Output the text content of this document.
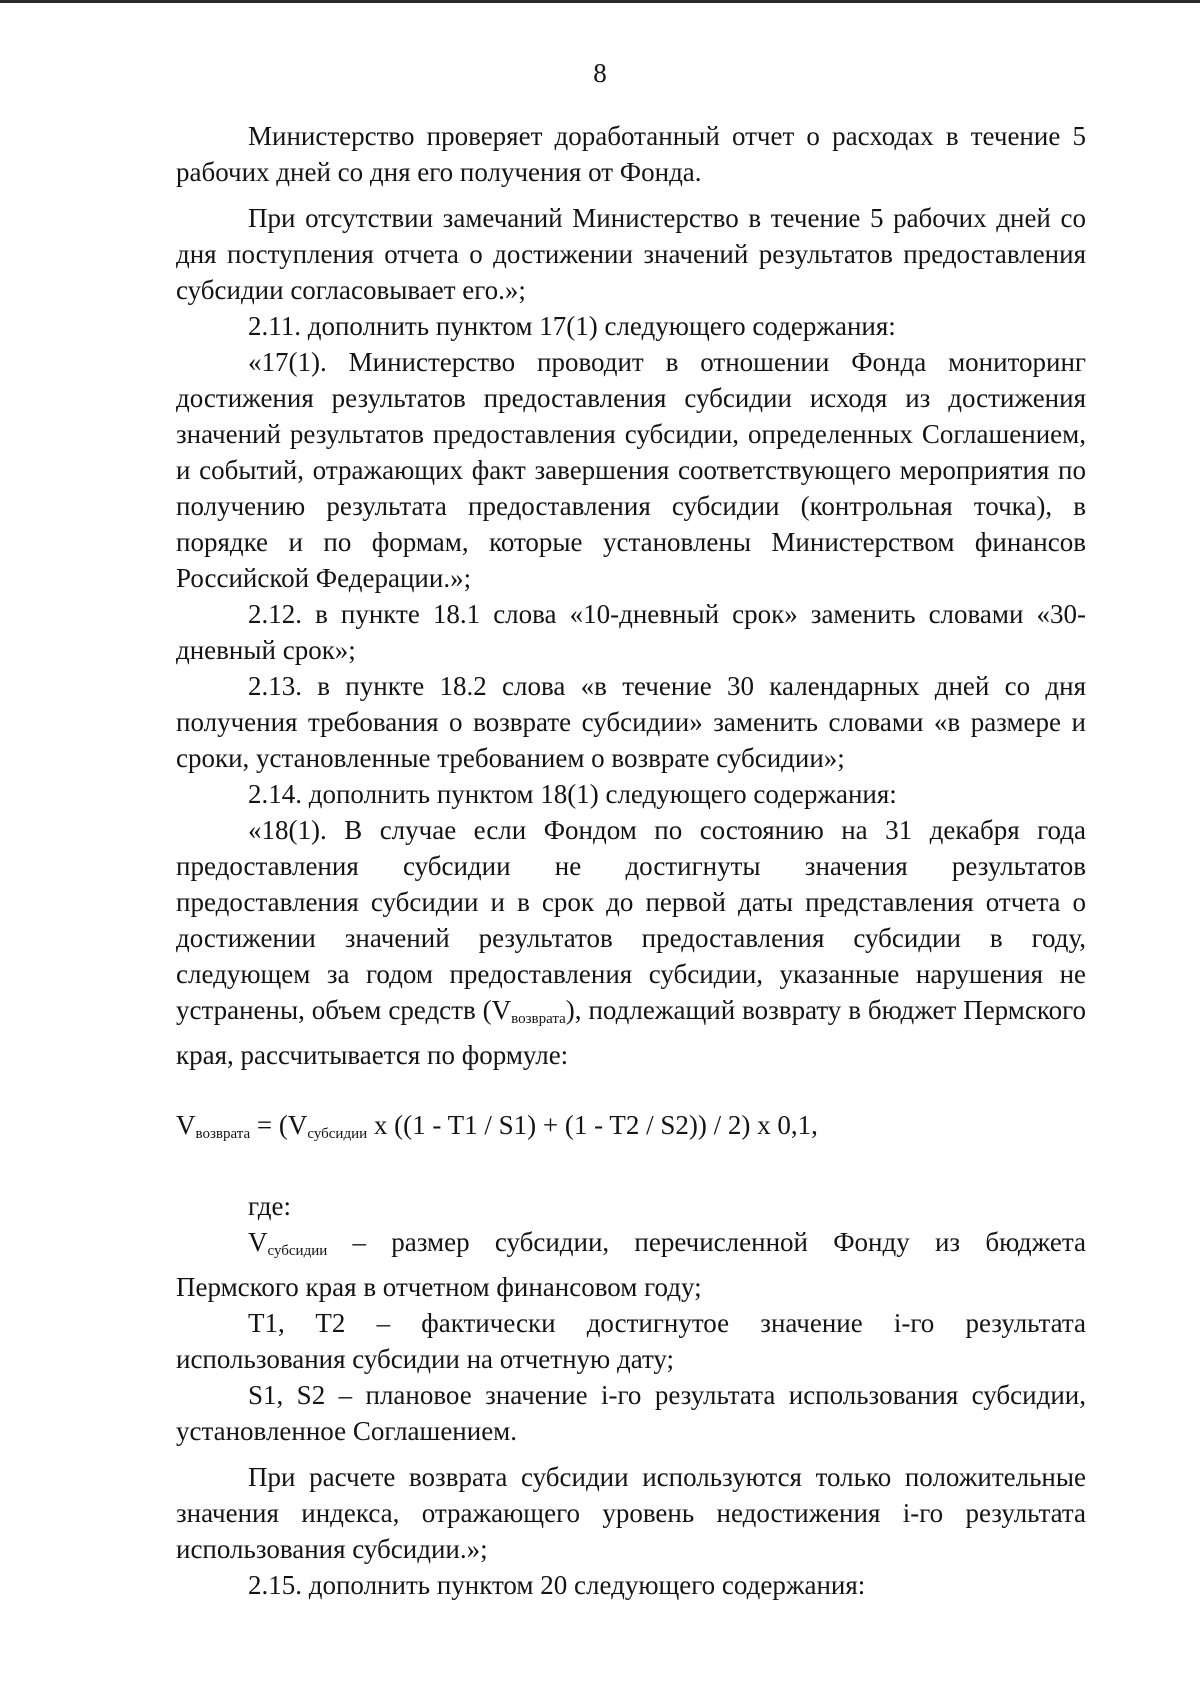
8

Министерство проверяет доработанный отчет о расходах в течение 5 рабочих дней со дня его получения от Фонда.

При отсутствии замечаний Министерство в течение 5 рабочих дней со дня поступления отчета о достижении значений результатов предоставления субсидии согласовывает его.»;

2.11. дополнить пунктом 17(1) следующего содержания:

«17(1). Министерство проводит в отношении Фонда мониторинг достижения результатов предоставления субсидии исходя из достижения значений результатов предоставления субсидии, определенных Соглашением, и событий, отражающих факт завершения соответствующего мероприятия по получению результата предоставления субсидии (контрольная точка), в порядке и по формам, которые установлены Министерством финансов Российской Федерации.»;

2.12. в пункте 18.1 слова «10-дневный срок» заменить словами «30-дневный срок»;

2.13. в пункте 18.2 слова «в течение 30 календарных дней со дня получения требования о возврате субсидии» заменить словами «в размере и сроки, установленные требованием о возврате субсидии»;

2.14. дополнить пунктом 18(1) следующего содержания:

«18(1). В случае если Фондом по состоянию на 31 декабря года предоставления субсидии не достигнуты значения результатов предоставления субсидии и в срок до первой даты представления отчета о достижении значений результатов предоставления субсидии в году, следующем за годом предоставления субсидии, указанные нарушения не устранены, объем средств $(V_{возврата})$, подлежащий возврату в бюджет Пермского края, рассчитывается по формуле:

$V_{возврата} = (V_{субсидии}$ x ((1 - T1 / S1) + (1 - T2 / S2)) / 2) x 0,1,

где:

$V_{субсидии}$ – размер субсидии, перечисленной Фонду из бюджета Пермского края в отчетном финансовом году;

T1, T2 – фактически достигнутое значение i-го результата использования субсидии на отчетную дату;

S1, S2 – плановое значение i-го результата использования субсидии, установленное Соглашением.

При расчете возврата субсидии используются только положительные значения индекса, отражающего уровень недостижения i-го результата использования субсидии.»;

2.15. дополнить пунктом 20 следующего содержания:
